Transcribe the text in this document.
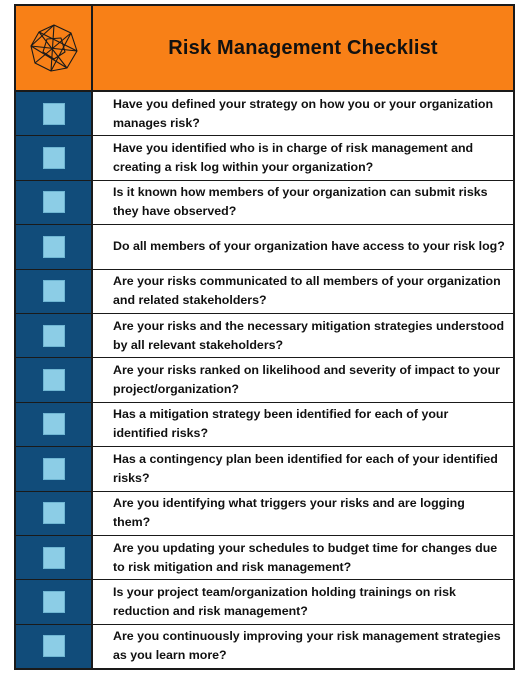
Risk Management Checklist
Have you defined your strategy on how you or your organization manages risk?
Have you identified who is in charge of risk management and creating a risk log within your organization?
Is it known how members of your organization can submit risks they have observed?
Do all members of your organization have access to your risk log?
Are your risks communicated to all members of your organization and related stakeholders?
Are your risks and the necessary mitigation strategies understood by all relevant stakeholders?
Are your risks ranked on likelihood and severity of impact to your project/organization?
Has a mitigation strategy been identified for each of your identified risks?
Has a contingency plan been identified for each of your identified risks?
Are you identifying what triggers your risks and are logging them?
Are you updating your schedules to budget time for changes due to risk mitigation and risk management?
Is your project team/organization holding trainings on risk reduction and risk management?
Are you continuously improving your risk management strategies as you learn more?
